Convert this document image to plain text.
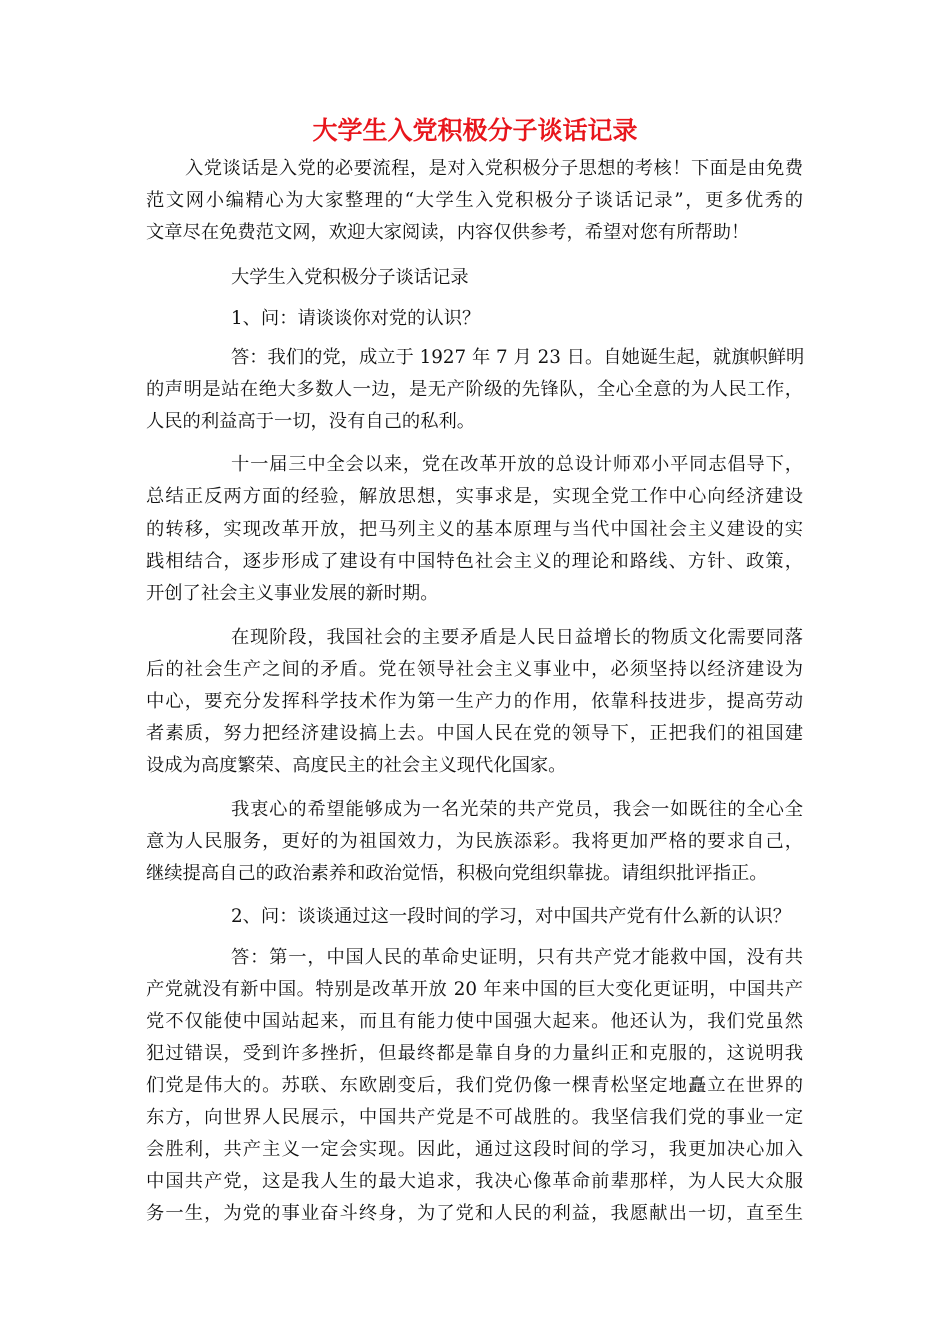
大学生入党积极分子谈话记录
入党谈话是入党的必要流程，是对入党积极分子思想的考核！下面是由免费
范文网小编精心为大家整理的“大学生入党积极分子谈话记录”，更多优秀的
文章尽在免费范文网，欢迎大家阅读，内容仅供参考，希望对您有所帮助！
大学生入党积极分子谈话记录
1、问：请谈谈你对党的认识？
答：我们的党，成立于 1927 年 7 月 23 日。自她诞生起，就旗帜鲜明
的声明是站在绝大多数人一边，是无产阶级的先锋队，全心全意的为人民工作，
人民的利益高于一切，没有自己的私利。
十一届三中全会以来，党在改革开放的总设计师邓小平同志倡导下，
总结正反两方面的经验，解放思想，实事求是，实现全党工作中心向经济建设
的转移，实现改革开放，把马列主义的基本原理与当代中国社会主义建设的实
践相结合，逐步形成了建设有中国特色社会主义的理论和路线、方针、政策，
开创了社会主义事业发展的新时期。
在现阶段，我国社会的主要矛盾是人民日益增长的物质文化需要同落
后的社会生产之间的矛盾。党在领导社会主义事业中，必须坚持以经济建设为
中心，要充分发挥科学技术作为第一生产力的作用，依靠科技进步，提高劳动
者素质，努力把经济建设搞上去。中国人民在党的领导下，正把我们的祖国建
设成为高度繁荣、高度民主的社会主义现代化国家。
我衷心的希望能够成为一名光荣的共产党员，我会一如既往的全心全
意为人民服务，更好的为祖国效力，为民族添彩。我将更加严格的要求自己，
继续提高自己的政治素养和政治觉悟，积极向党组织靠拢。请组织批评指正。
2、问：谈谈通过这一段时间的学习，对中国共产党有什么新的认识？
答：第一，中国人民的革命史证明，只有共产党才能救中国，没有共
产党就没有新中国。特别是改革开放 20 年来中国的巨大变化更证明，中国共产
党不仅能使中国站起来，而且有能力使中国强大起来。他还认为，我们党虽然
犯过错误，受到许多挫折，但最终都是靠自身的力量纠正和克服的，这说明我
们党是伟大的。苏联、东欧剧变后，我们党仍像一棵青松坚定地矗立在世界的
东方，向世界人民展示，中国共产党是不可战胜的。我坚信我们党的事业一定
会胜利，共产主义一定会实现。因此，通过这段时间的学习，我更加决心加入
中国共产党，这是我人生的最大追求，我决心像革命前辈那样，为人民大众服
务一生，为党的事业奋斗终身，为了党和人民的利益，我愿献出一切，直至生
